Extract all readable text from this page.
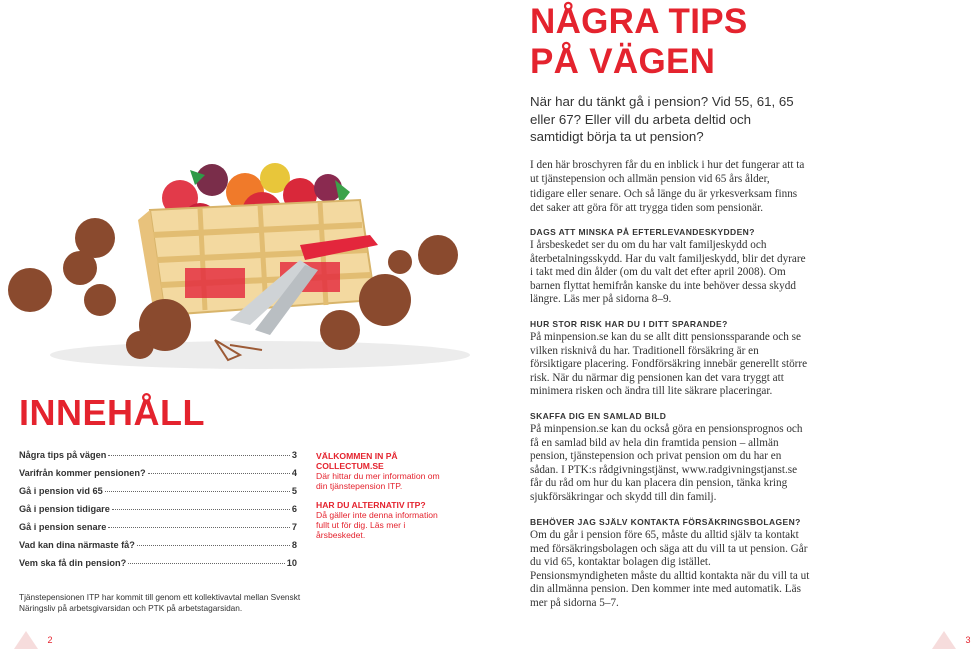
INNEHÅLL
Några tips på vägen	3
Varifrån kommer pensionen?	4
Gå i pension vid 65	5
Gå i pension tidigare	6
Gå i pension senare	7
Vad kan dina närmaste få?	8
Vem ska få din pension?	10
VÄLKOMMEN IN PÅ COLLECTUM.SE
Där hittar du mer information om din tjänstepension ITP.
HAR DU ALTERNATIV ITP?
Då gäller inte denna information fullt ut för dig. Läs mer i årsbeskedet.
Tjänstepensionen ITP har kommit till genom ett kollektivavtal mellan Svenskt Näringsliv på arbetsgivarsidan och PTK på arbetstagarsidan.
2
NÅGRA TIPS
PÅ VÄGEN
När har du tänkt gå i pension? Vid 55, 61, 65 eller 67? Eller vill du arbeta deltid och samtidigt börja ta ut pension?
I den här broschyren får du en inblick i hur det fungerar att ta ut tjänstepension och allmän pension vid 65 års ålder, tidigare eller senare. Och så länge du är yrkesverksam finns det saker att göra för att trygga tiden som pensionär.
DAGS ATT MINSKA PÅ EFTERLEVANDESKYDDEN?

I årsbeskedet ser du om du har valt familjeskydd och återbetalningsskydd. Har du valt familjeskydd, blir det dyrare i takt med din ålder (om du valt det efter april 2008). Om barnen flyttat hemifrån kanske du inte behöver dessa skydd längre. Läs mer på sidorna 8–9.

HUR STOR RISK HAR DU I DITT SPARANDE?

På minpension.se kan du se allt ditt pensionssparande och se vilken risknivå du har. Traditionell försäkring är en försiktigare placering. Fondförsäkring innebär generellt större risk. När du närmar dig pensionen kan det vara tryggt att minimera risken och ändra till lite säkrare placeringar.

SKAFFA DIG EN SAMLAD BILD

På minpension.se kan du också göra en pensionsprognos och få en samlad bild av hela din framtida pension – allmän pension, tjänstepension och privat pension om du har en sådan. I PTK:s rådgivningstjänst, www.radgivningstjanst.se får du råd om hur du kan placera din pension, tänka kring sjukförsäkringar och skydd till din familj.

BEHÖVER JAG SJÄLV KONTAKTA FÖRSÄKRINGSBOLAGEN?

Om du går i pension före 65, måste du alltid själv ta kontakt med försäkringsbolagen och säga att du vill ta ut pension. Går du vid 65, kontaktar bolagen dig istället. Pensionsmyndigheten måste du alltid kontakta när du vill ta ut din allmänna pension. Den kommer inte med automatik. Läs mer på sidorna 5–7.

3
